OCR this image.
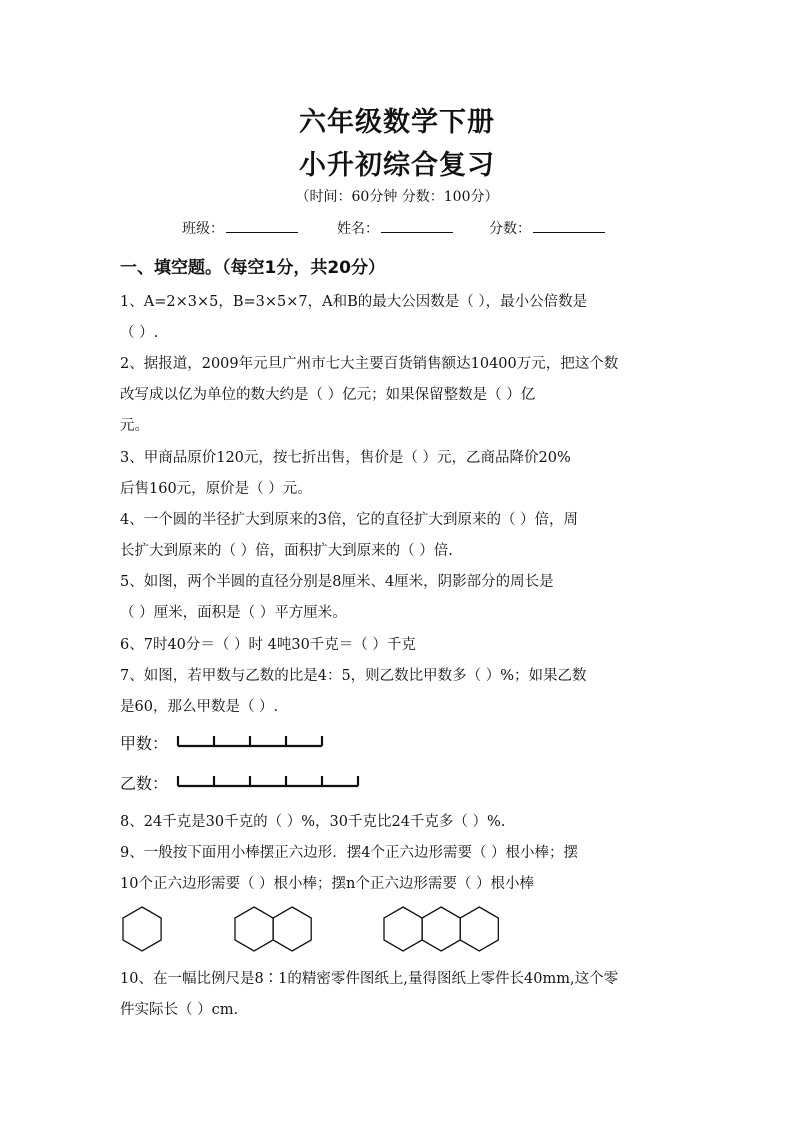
六年级数学下册
小升初综合复习
（时间：60分钟 分数：100分）
班级：	姓名：	分数：
一、填空题。（每空1分，共20分）
1、A=2×3×5，B=3×5×7，A和B的最大公因数是（ ），最小公倍数是
（ ）.
2、据报道，2009年元旦广州市七大主要百货销售额达10400万元，把这个数
改写成以亿为单位的数大约是（ ）亿元；如果保留整数是（ ）亿
元。
3、甲商品原价120元，按七折出售，售价是（ ）元，乙商品降价20%
后售160元，原价是（ ）元。
4、一个圆的半径扩大到原来的3倍，它的直径扩大到原来的（ ）倍，周
长扩大到原来的（ ）倍，面积扩大到原来的（ ）倍.
5、如图，两个半圆的直径分别是8厘米、4厘米，阴影部分的周长是
（ ）厘米，面积是（ ）平方厘米。
6、7时40分＝（ ）时 4吨30千克＝（ ）千克
7、如图，若甲数与乙数的比是4：5，则乙数比甲数多（ ）%；如果乙数
是60，那么甲数是（ ）.
甲数：
乙数：
8、24千克是30千克的（ ）%，30千克比24千克多（ ）%.
9、一般按下面用小棒摆正六边形．摆4个正六边形需要（ ）根小棒；摆
10个正六边形需要（ ）根小棒；摆n个正六边形需要（ ）根小棒
10、在一幅比例尺是8∶1的精密零件图纸上,量得图纸上零件长40mm,这个零
件实际长（ ）cm.
